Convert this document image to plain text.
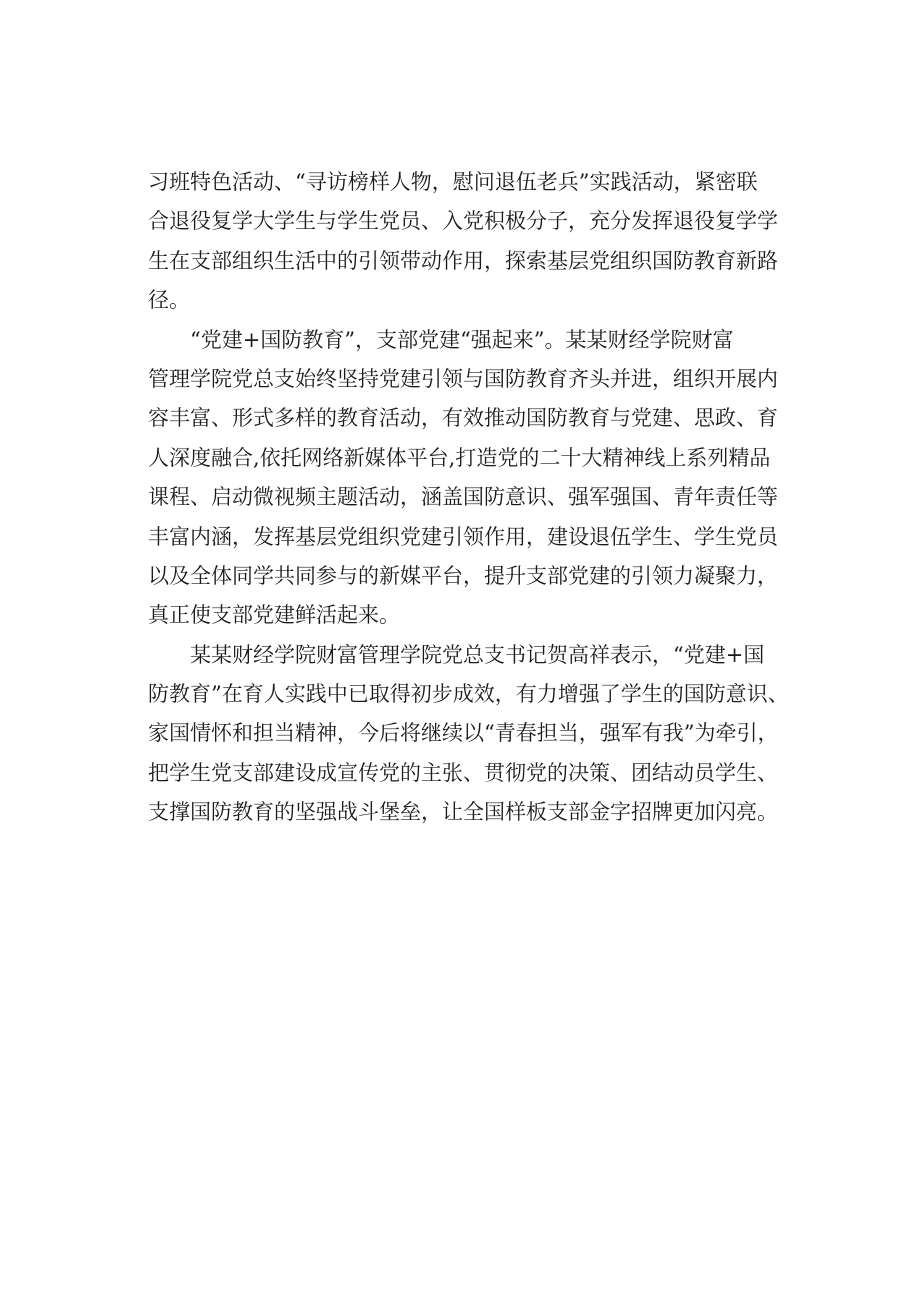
习班特色活动、“寻访榜样人物，慰问退伍老兵”实践活动，紧密联
合退役复学大学生与学生党员、入党积极分子，充分发挥退役复学学
生在支部组织生活中的引领带动作用，探索基层党组织国防教育新路
径。
“党建+国防教育”，支部党建“强起来”。某某财经学院财富
管理学院党总支始终坚持党建引领与国防教育齐头并进，组织开展内
容丰富、形式多样的教育活动，有效推动国防教育与党建、思政、育
人深度融合,依托网络新媒体平台,打造党的二十大精神线上系列精品
课程、启动微视频主题活动，涵盖国防意识、强军强国、青年责任等
丰富内涵，发挥基层党组织党建引领作用，建设退伍学生、学生党员
以及全体同学共同参与的新媒平台，提升支部党建的引领力凝聚力，
真正使支部党建鲜活起来。
某某财经学院财富管理学院党总支书记贺高祥表示，“党建+国
防教育”在育人实践中已取得初步成效，有力增强了学生的国防意识、
家国情怀和担当精神，今后将继续以“青春担当，强军有我”为牵引，
把学生党支部建设成宣传党的主张、贯彻党的决策、团结动员学生、
支撑国防教育的坚强战斗堡垒，让全国样板支部金字招牌更加闪亮。
